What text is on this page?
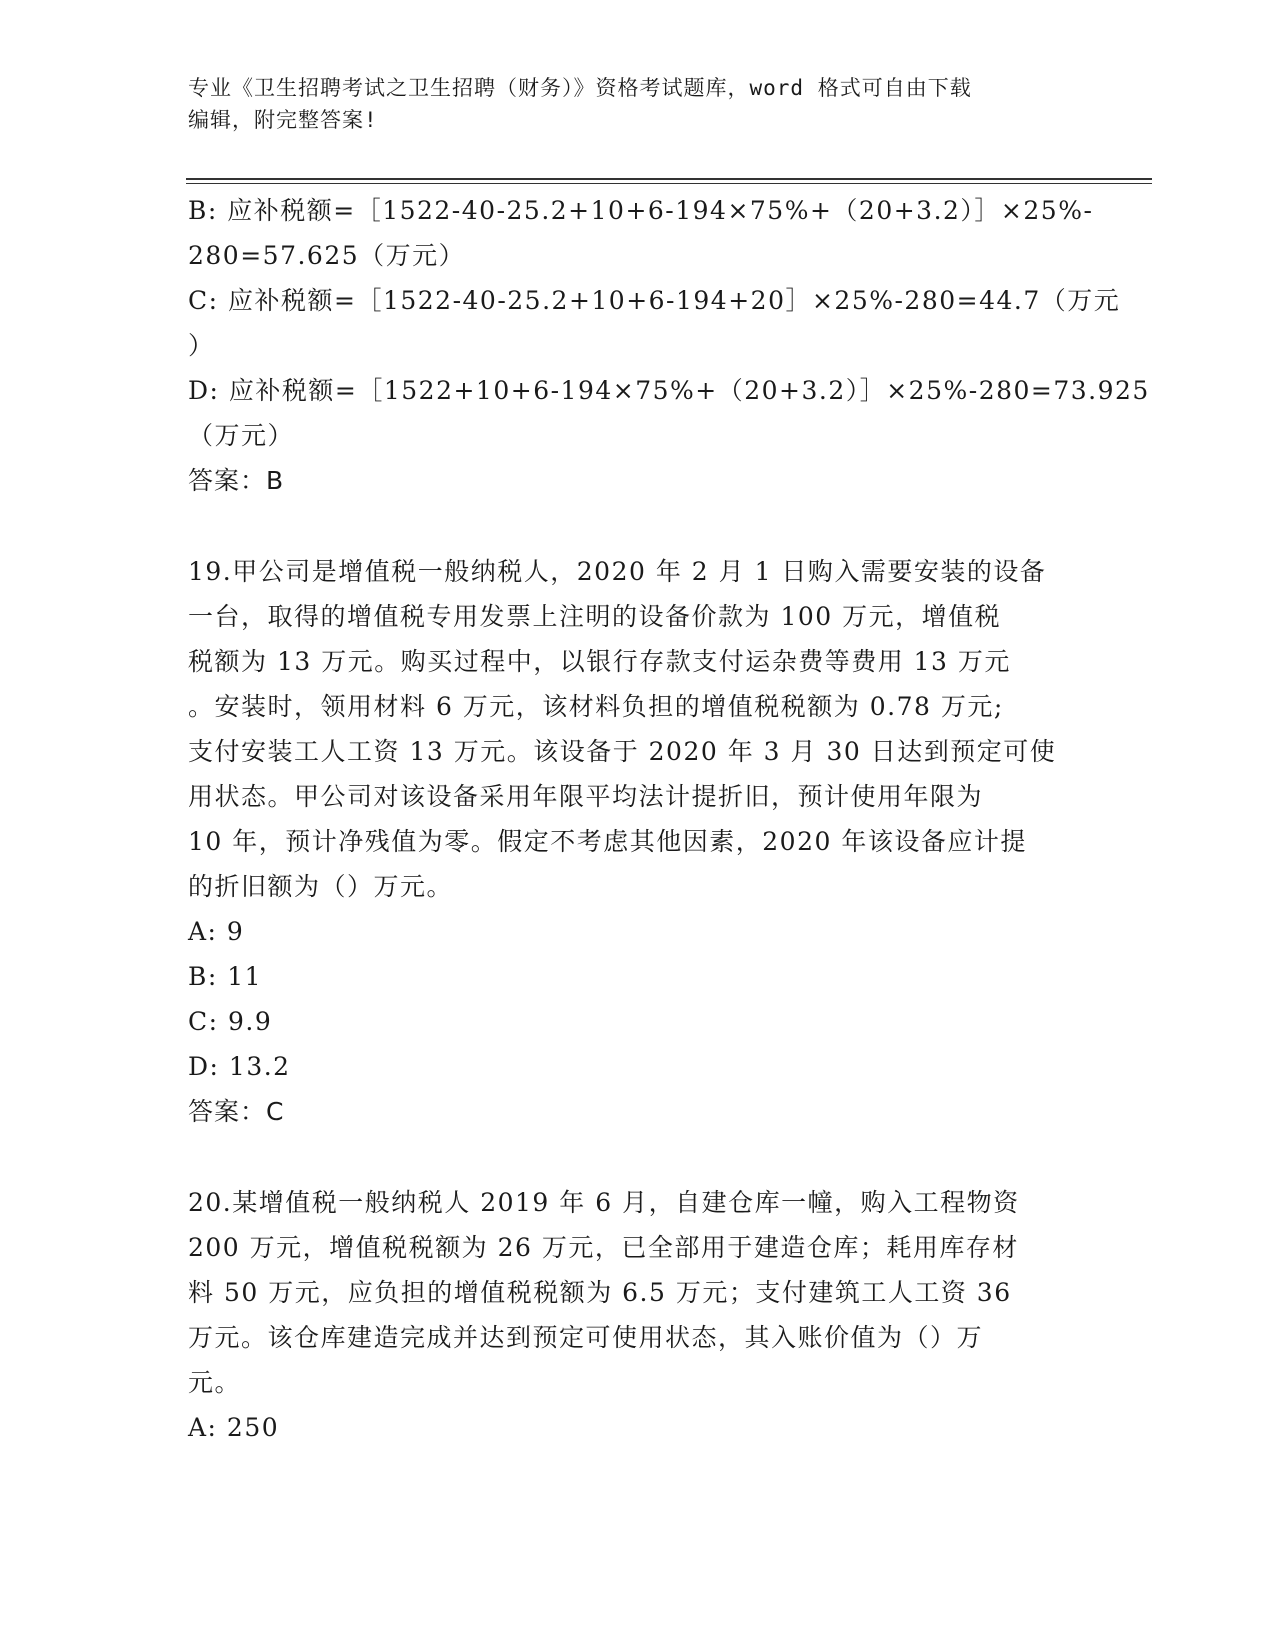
专业《卫生招聘考试之卫生招聘（财务）》资格考试题库，word 格式可自由下载
编辑，附完整答案!
B: 应补税额=［1522-40-25.2+10+6-194×75%+（20+3.2）］×25%-
280=57.625（万元）
C: 应补税额=［1522-40-25.2+10+6-194+20］×25%-280=44.7（万元
）
D: 应补税额=［1522+10+6-194×75%+（20+3.2）］×25%-280=73.925
（万元）
答案：B
19.甲公司是增值税一般纳税人，2020 年 2 月 1 日购入需要安装的设备
一台，取得的增值税专用发票上注明的设备价款为 100 万元，增值税
税额为 13 万元。购买过程中，以银行存款支付运杂费等费用 13 万元
。安装时，领用材料 6 万元，该材料负担的增值税税额为 0.78 万元;
支付安装工人工资 13 万元。该设备于 2020 年 3 月 30 日达到预定可使
用状态。甲公司对该设备采用年限平均法计提折旧，预计使用年限为
10 年，预计净残值为零。假定不考虑其他因素，2020 年该设备应计提
的折旧额为（）万元。
A: 9
B: 11
C: 9.9
D: 13.2
答案：C
20.某增值税一般纳税人 2019 年 6 月，自建仓库一幢，购入工程物资
200 万元，增值税税额为 26 万元，已全部用于建造仓库；耗用库存材
料 50 万元，应负担的增值税税额为 6.5 万元；支付建筑工人工资 36
万元。该仓库建造完成并达到预定可使用状态，其入账价值为（）万
元。
A: 250
